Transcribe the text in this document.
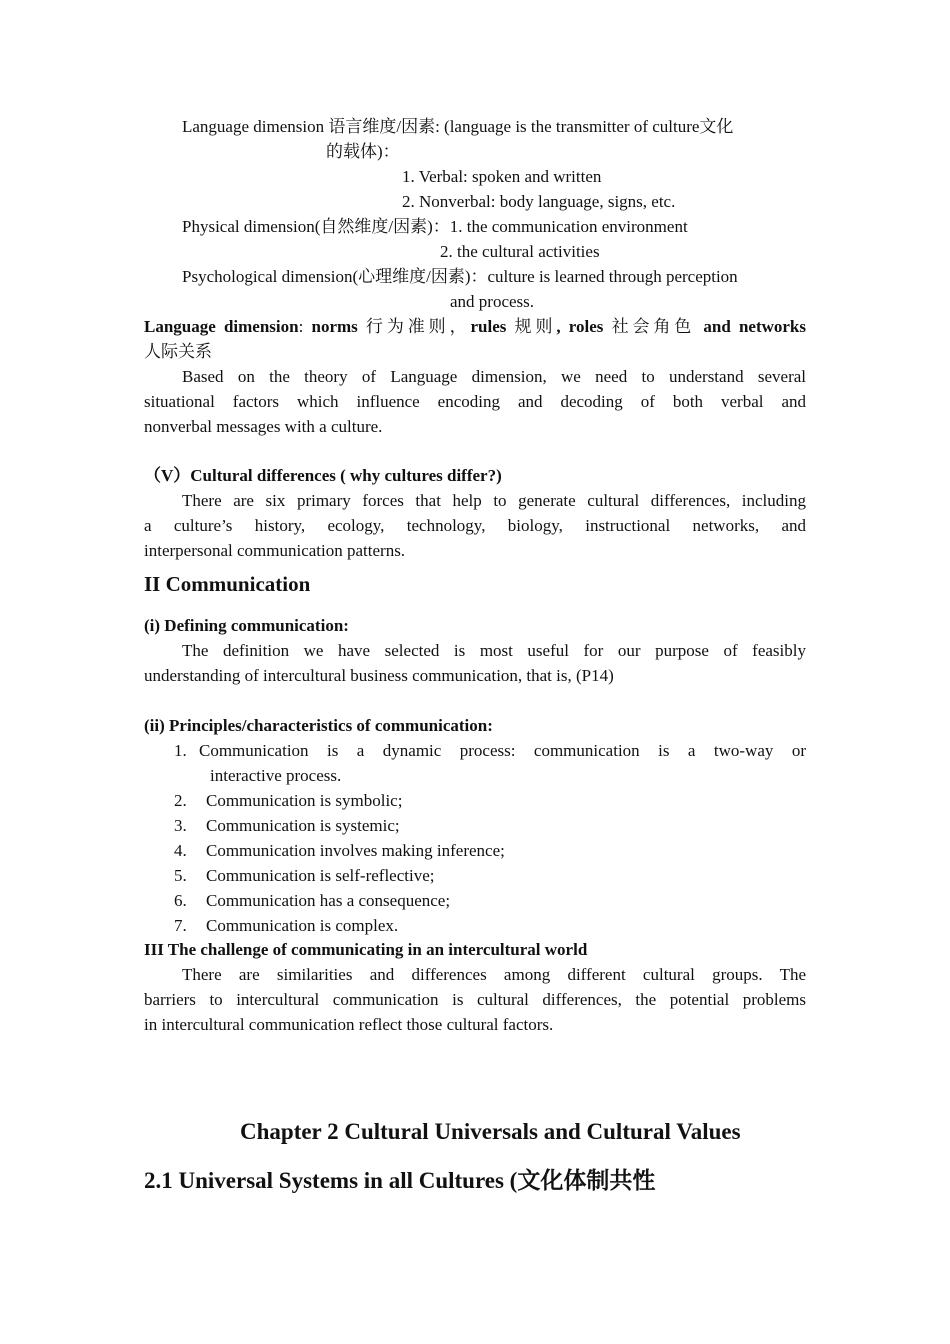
Language dimension 语言维度/因素: (language is the transmitter of culture文化
的载体)：
1. Verbal: spoken and written
2. Nonverbal: body language, signs, etc.
Physical dimension(自然维度/因素)：1. the communication environment
2. the cultural activities
Psychological dimension(心理维度/因素)：culture is learned through perception
and process.
Language dimension: norms 行为准则，rules 规则, roles 社会角色 and networks
人际关系
Based on the theory of Language dimension, we need to understand several
situational factors which influence encoding and decoding of both verbal and
nonverbal messages with a culture.
（V）Cultural differences ( why cultures differ?)
There are six primary forces that help to generate cultural differences, including
a culture’s history, ecology, technology, biology, instructional networks, and
interpersonal communication patterns.
II Communication
(i) Defining communication:
The definition we have selected is most useful for our purpose of feasibly
understanding of intercultural business communication, that is, (P14)
(ii) Principles/characteristics of communication:
1. Communication is a dynamic process: communication is a two-way or
interactive process.
2. Communication is symbolic;
3. Communication is systemic;
4. Communication involves making inference;
5. Communication is self-reflective;
6. Communication has a consequence;
7. Communication is complex.
III The challenge of communicating in an intercultural world
There are similarities and differences among different cultural groups. The
barriers to intercultural communication is cultural differences, the potential problems
in intercultural communication reflect those cultural factors.
Chapter 2 Cultural Universals and Cultural Values
2.1 Universal Systems in all Cultures (文化体制共性
